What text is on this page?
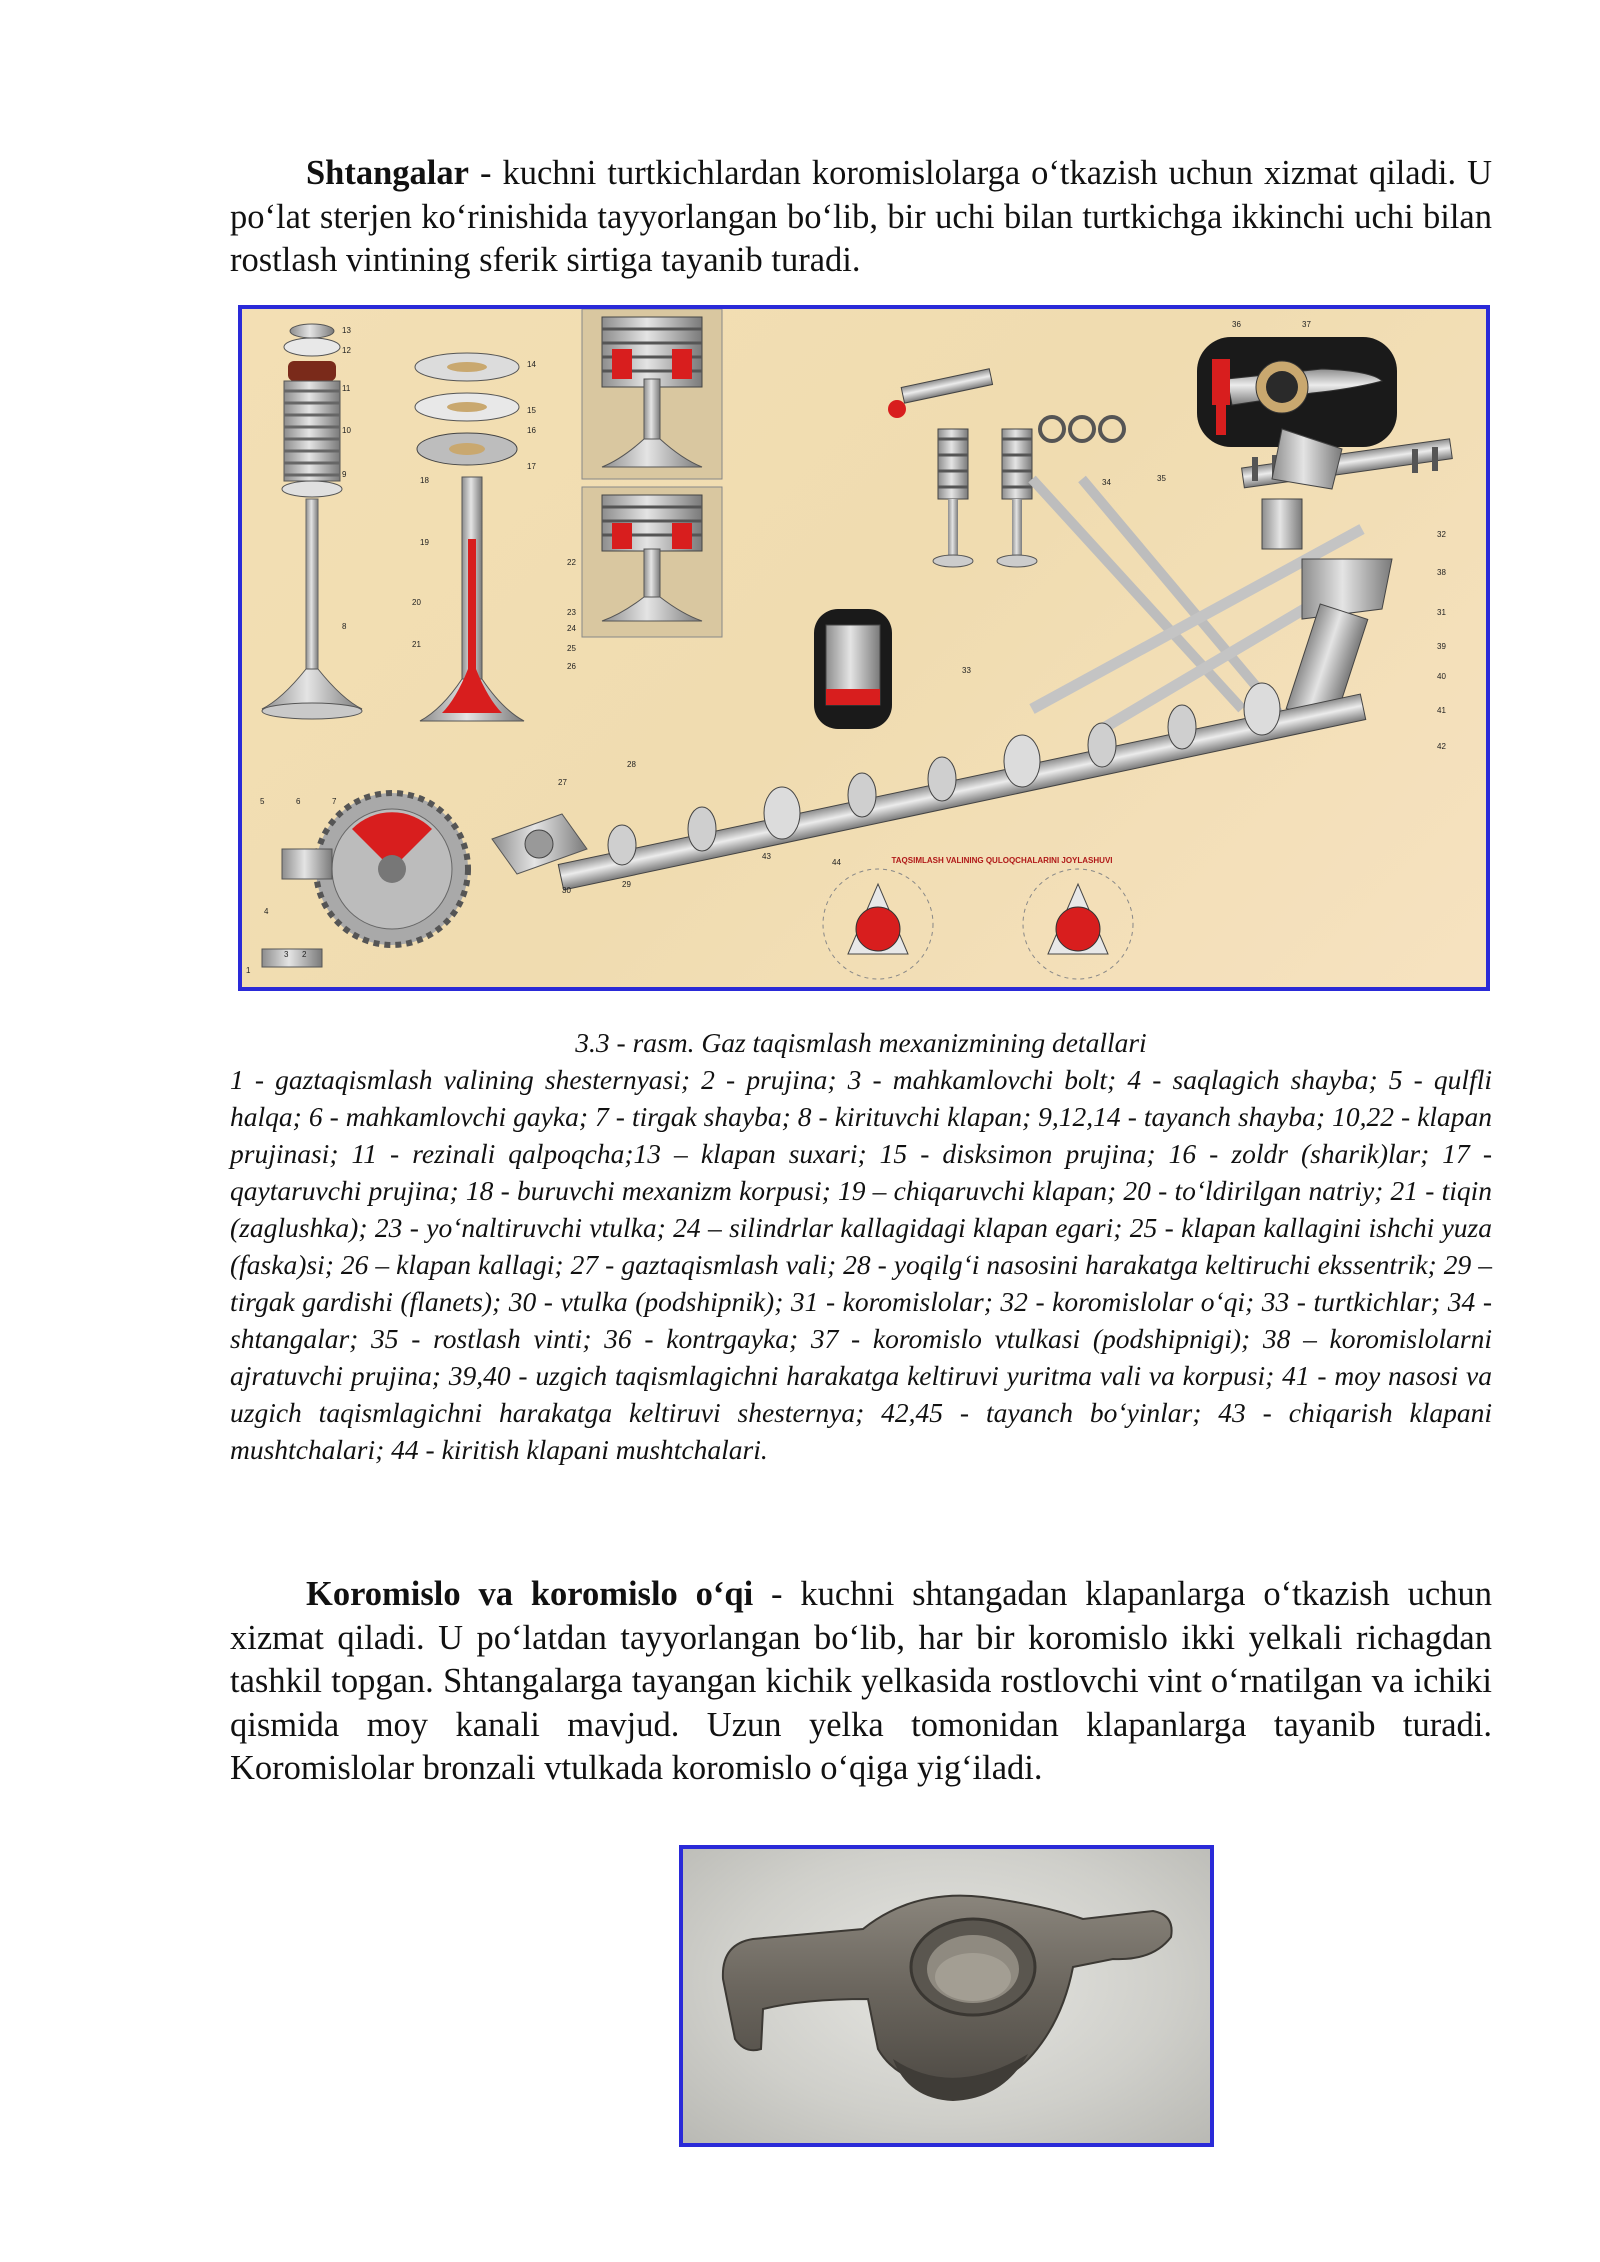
Shtangalar - kuchni turtkichlardan koromislolarga oʻtkazish uchun xizmat qiladi. U poʻlat sterjen koʻrinishida tayyorlangan boʻlib, bir uchi bilan turtkichga ikkinchi uchi bilan rostlash vintining sferik sirtiga tayanib turadi.

TAQSIMLASH VALINING QULOQCHALARINI JOYLASHUVI
1
2
3
4
5	6	7
8
9
10
11
12
13
14
15
16
17
18
19
20
21
22
23
24
25
26
27
28
29
30
31
32
33
34	35
36	37
38
39
40
41
42
43
44

3.3 - rasm. Gaz taqismlash mexanizmining detallari

1 - gaztaqismlash valining shesternyasi; 2 - prujina; 3 - mahkamlovchi bolt; 4 - saqlagich shayba; 5 - qulfli halqa; 6 - mahkamlovchi gayka; 7 - tirgak shayba; 8 - kirituvchi klapan; 9,12,14 - tayanch shayba; 10,22 - klapan prujinasi; 11 - rezinali qalpoqcha;13 – klapan suxari; 15 - disksimon prujina; 16 - zoldr (sharik)lar; 17 - qaytaruvchi prujina; 18 - buruvchi mexanizm korpusi; 19 – chiqaruvchi klapan; 20 - toʻldirilgan natriy; 21 - tiqin (zaglushka); 23 - yoʻnaltiruvchi vtulka; 24 – silindrlar kallagidagi klapan egari; 25 - klapan kallagini ishchi yuza (faska)si; 26 – klapan kallagi; 27 - gaztaqismlash vali; 28 - yoqilgʻi nasosini harakatga keltiruchi ekssentrik; 29 – tirgak gardishi (flanets); 30 - vtulka (podshipnik); 31 - koromislolar; 32 - koromislolar oʻqi; 33 - turtkichlar; 34 - shtangalar; 35 - rostlash vinti; 36 - kontrgayka; 37 - koromislo vtulkasi (podshipnigi); 38 – koromislolarni ajratuvchi prujina; 39,40 - uzgich taqismlagichni harakatga keltiruvi yuritma vali va korpusi; 41 - moy nasosi va uzgich taqismlagichni harakatga keltiruvi shesternya; 42,45 - tayanch boʻyinlar; 43 - chiqarish klapani mushtchalari; 44 - kiritish klapani mushtchalari.

Koromislo va koromislo oʻqi - kuchni shtangadan klapanlarga oʻtkazish uchun xizmat qiladi. U poʻlatdan tayyorlangan boʻlib, har bir koromislo ikki yelkali richagdan tashkil topgan. Shtangalarga tayangan kichik yelkasida rostlovchi vint oʻrnatilgan va ichiki qismida moy kanali mavjud. Uzun yelka tomonidan klapanlarga tayanib turadi. Koromislolar bronzali vtulkada koromislo oʻqiga yigʻiladi.
